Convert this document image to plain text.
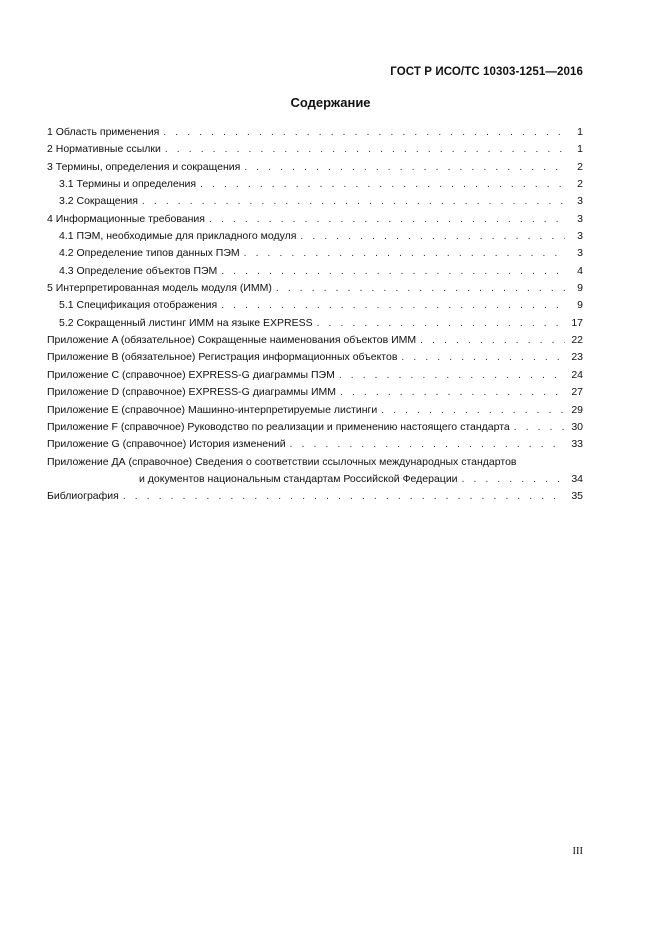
ГОСТ Р ИСО/ТС 10303-1251—2016
Содержание
1 Область применения . . .	1
2 Нормативные ссылки . . .	1
3 Термины, определения и сокращения . . .	2
3.1 Термины и определения . . .	2
3.2 Сокращения . . .	3
4 Информационные требования . . .	3
4.1 ПЭМ, необходимые для прикладного модуля . . .	3
4.2 Определение типов данных ПЭМ . . .	3
4.3 Определение объектов ПЭМ . . .	4
5 Интерпретированная модель модуля (ИММ) . . .	9
5.1 Спецификация отображения . . .	9
5.2 Сокращенный листинг ИММ на языке EXPRESS . . .	17
Приложение A (обязательное) Сокращенные наименования объектов ИММ . . .	22
Приложение B (обязательное) Регистрация информационных объектов . . .	23
Приложение C (справочное) EXPRESS-G диаграммы ПЭМ . . .	24
Приложение D (справочное) EXPRESS-G диаграммы ИММ . . .	27
Приложение E (справочное) Машинно-интерпретируемые листинги . . .	29
Приложение F (справочное) Руководство по реализации и применению настоящего стандарта . . .	30
Приложение G (справочное) История изменений . . .	33
Приложение ДА (справочное) Сведения о соответствии ссылочных международных стандартов
и документов национальным стандартам Российской Федерации . . .	34
Библиография . . .	35
III
